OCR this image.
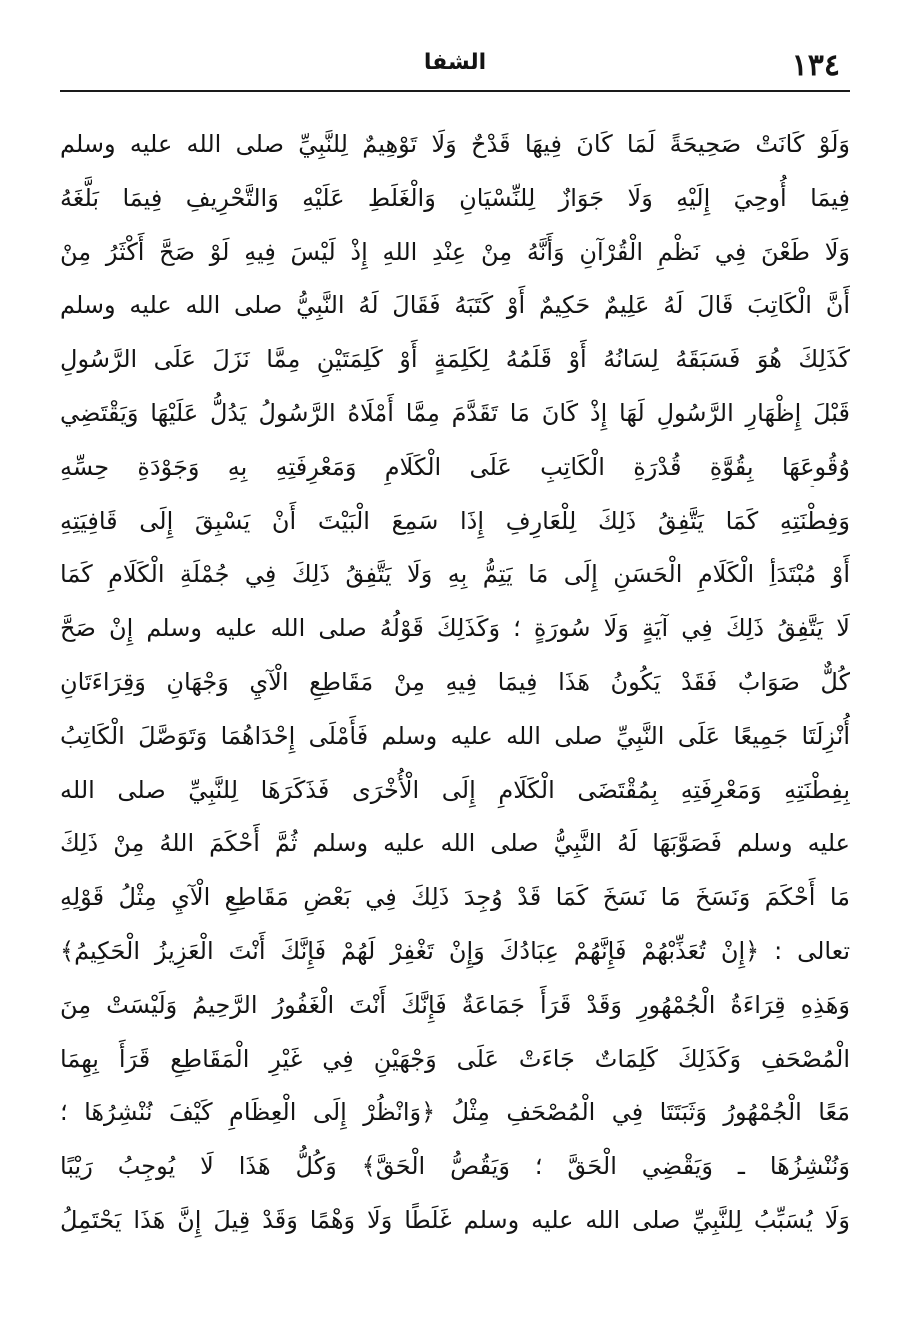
١٣٤
الشفا
وَلَوْ كَانَتْ صَحِيحَةً لَمَا كَانَ فِيهَا قَدْحٌ وَلَا تَوْهِيمٌ لِلنَّبِيِّ صلى الله عليه وسلم
فِيمَا أُوحِيَ إِلَيْهِ وَلَا جَوَازٌ لِلنِّسْيَانِ وَالْغَلَطِ عَلَيْهِ وَالتَّحْرِيفِ فِيمَا بَلَّغَهُ
وَلَا طَعْنَ فِي نَظْمِ الْقُرْآنِ وَأَنَّهُ مِنْ عِنْدِ اللهِ إِذْ لَيْسَ فِيهِ لَوْ صَحَّ أَكْثَرُ مِنْ
أَنَّ الْكَاتِبَ قَالَ لَهُ عَلِيمٌ حَكِيمٌ أَوْ كَتَبَهُ فَقَالَ لَهُ النَّبِيُّ صلى الله عليه وسلم
كَذَلِكَ هُوَ فَسَبَقَهُ لِسَانُهُ أَوْ قَلَمُهُ لِكَلِمَةٍ أَوْ كَلِمَتَيْنِ مِمَّا نَزَلَ عَلَى الرَّسُولِ
قَبْلَ إِظْهَارِ الرَّسُولِ لَهَا إِذْ كَانَ مَا تَقَدَّمَ مِمَّا أَمْلَاهُ الرَّسُولُ يَدُلُّ عَلَيْهَا وَيَقْتَضِي
وُقُوعَهَا بِقُوَّةِ قُدْرَةِ الْكَاتِبِ عَلَى الْكَلَامِ وَمَعْرِفَتِهِ بِهِ وَجَوْدَةِ حِسِّهِ
وَفِطْنَتِهِ كَمَا يَتَّفِقُ ذَلِكَ لِلْعَارِفِ إِذَا سَمِعَ الْبَيْتَ أَنْ يَسْبِقَ إِلَى قَافِيَتِهِ
أَوْ مُبْتَدَأِ الْكَلَامِ الْحَسَنِ إِلَى مَا يَتِمُّ بِهِ وَلَا يَتَّفِقُ ذَلِكَ فِي جُمْلَةِ الْكَلَامِ كَمَا
لَا يَتَّفِقُ ذَلِكَ فِي آيَةٍ وَلَا سُورَةٍ ؛ وَكَذَلِكَ قَوْلُهُ صلى الله عليه وسلم إِنْ صَحَّ
كُلٌّ صَوَابٌ فَقَدْ يَكُونُ هَذَا فِيمَا فِيهِ مِنْ مَقَاطِعِ الْآيِ وَجْهَانِ وَقِرَاءَتَانِ
أُنْزِلَتَا جَمِيعًا عَلَى النَّبِيِّ صلى الله عليه وسلم فَأَمْلَى إِحْدَاهُمَا وَتَوَصَّلَ الْكَاتِبُ
بِفِطْنَتِهِ وَمَعْرِفَتِهِ بِمُقْتَضَى الْكَلَامِ إِلَى الْأُخْرَى فَذَكَرَهَا لِلنَّبِيِّ صلى الله
عليه وسلم فَصَوَّبَهَا لَهُ النَّبِيُّ صلى الله عليه وسلم ثُمَّ أَحْكَمَ اللهُ مِنْ ذَلِكَ
مَا أَحْكَمَ وَنَسَخَ مَا نَسَخَ كَمَا قَدْ وُجِدَ ذَلِكَ فِي بَعْضِ مَقَاطِعِ الْآيِ مِثْلُ قَوْلِهِ
تعالى : ﴿إِنْ تُعَذِّبْهُمْ فَإِنَّهُمْ عِبَادُكَ وَإِنْ تَغْفِرْ لَهُمْ فَإِنَّكَ أَنْتَ الْعَزِيزُ الْحَكِيمُ﴾
وَهَذِهِ قِرَاءَةُ الْجُمْهُورِ وَقَدْ قَرَأَ جَمَاعَةٌ فَإِنَّكَ أَنْتَ الْغَفُورُ الرَّحِيمُ وَلَيْسَتْ مِنَ
الْمُصْحَفِ وَكَذَلِكَ كَلِمَاتٌ جَاءَتْ عَلَى وَجْهَيْنِ فِي غَيْرِ الْمَقَاطِعِ قَرَأَ بِهِمَا
مَعًا الْجُمْهُورُ وَثَبَتَتَا فِي الْمُصْحَفِ مِثْلُ ﴿وَانْظُرْ إِلَى الْعِظَامِ كَيْفَ نُنْشِرُهَا ؛
وَنُنْشِزُهَا ـ وَيَقْضِي الْحَقَّ ؛ وَيَقُصُّ الْحَقَّ﴾ وَكُلُّ هَذَا لَا يُوجِبُ رَيْبًا
وَلَا يُسَبِّبُ لِلنَّبِيِّ صلى الله عليه وسلم غَلَطًا وَلَا وَهْمًا وَقَدْ قِيلَ إِنَّ هَذَا يَحْتَمِلُ
-
